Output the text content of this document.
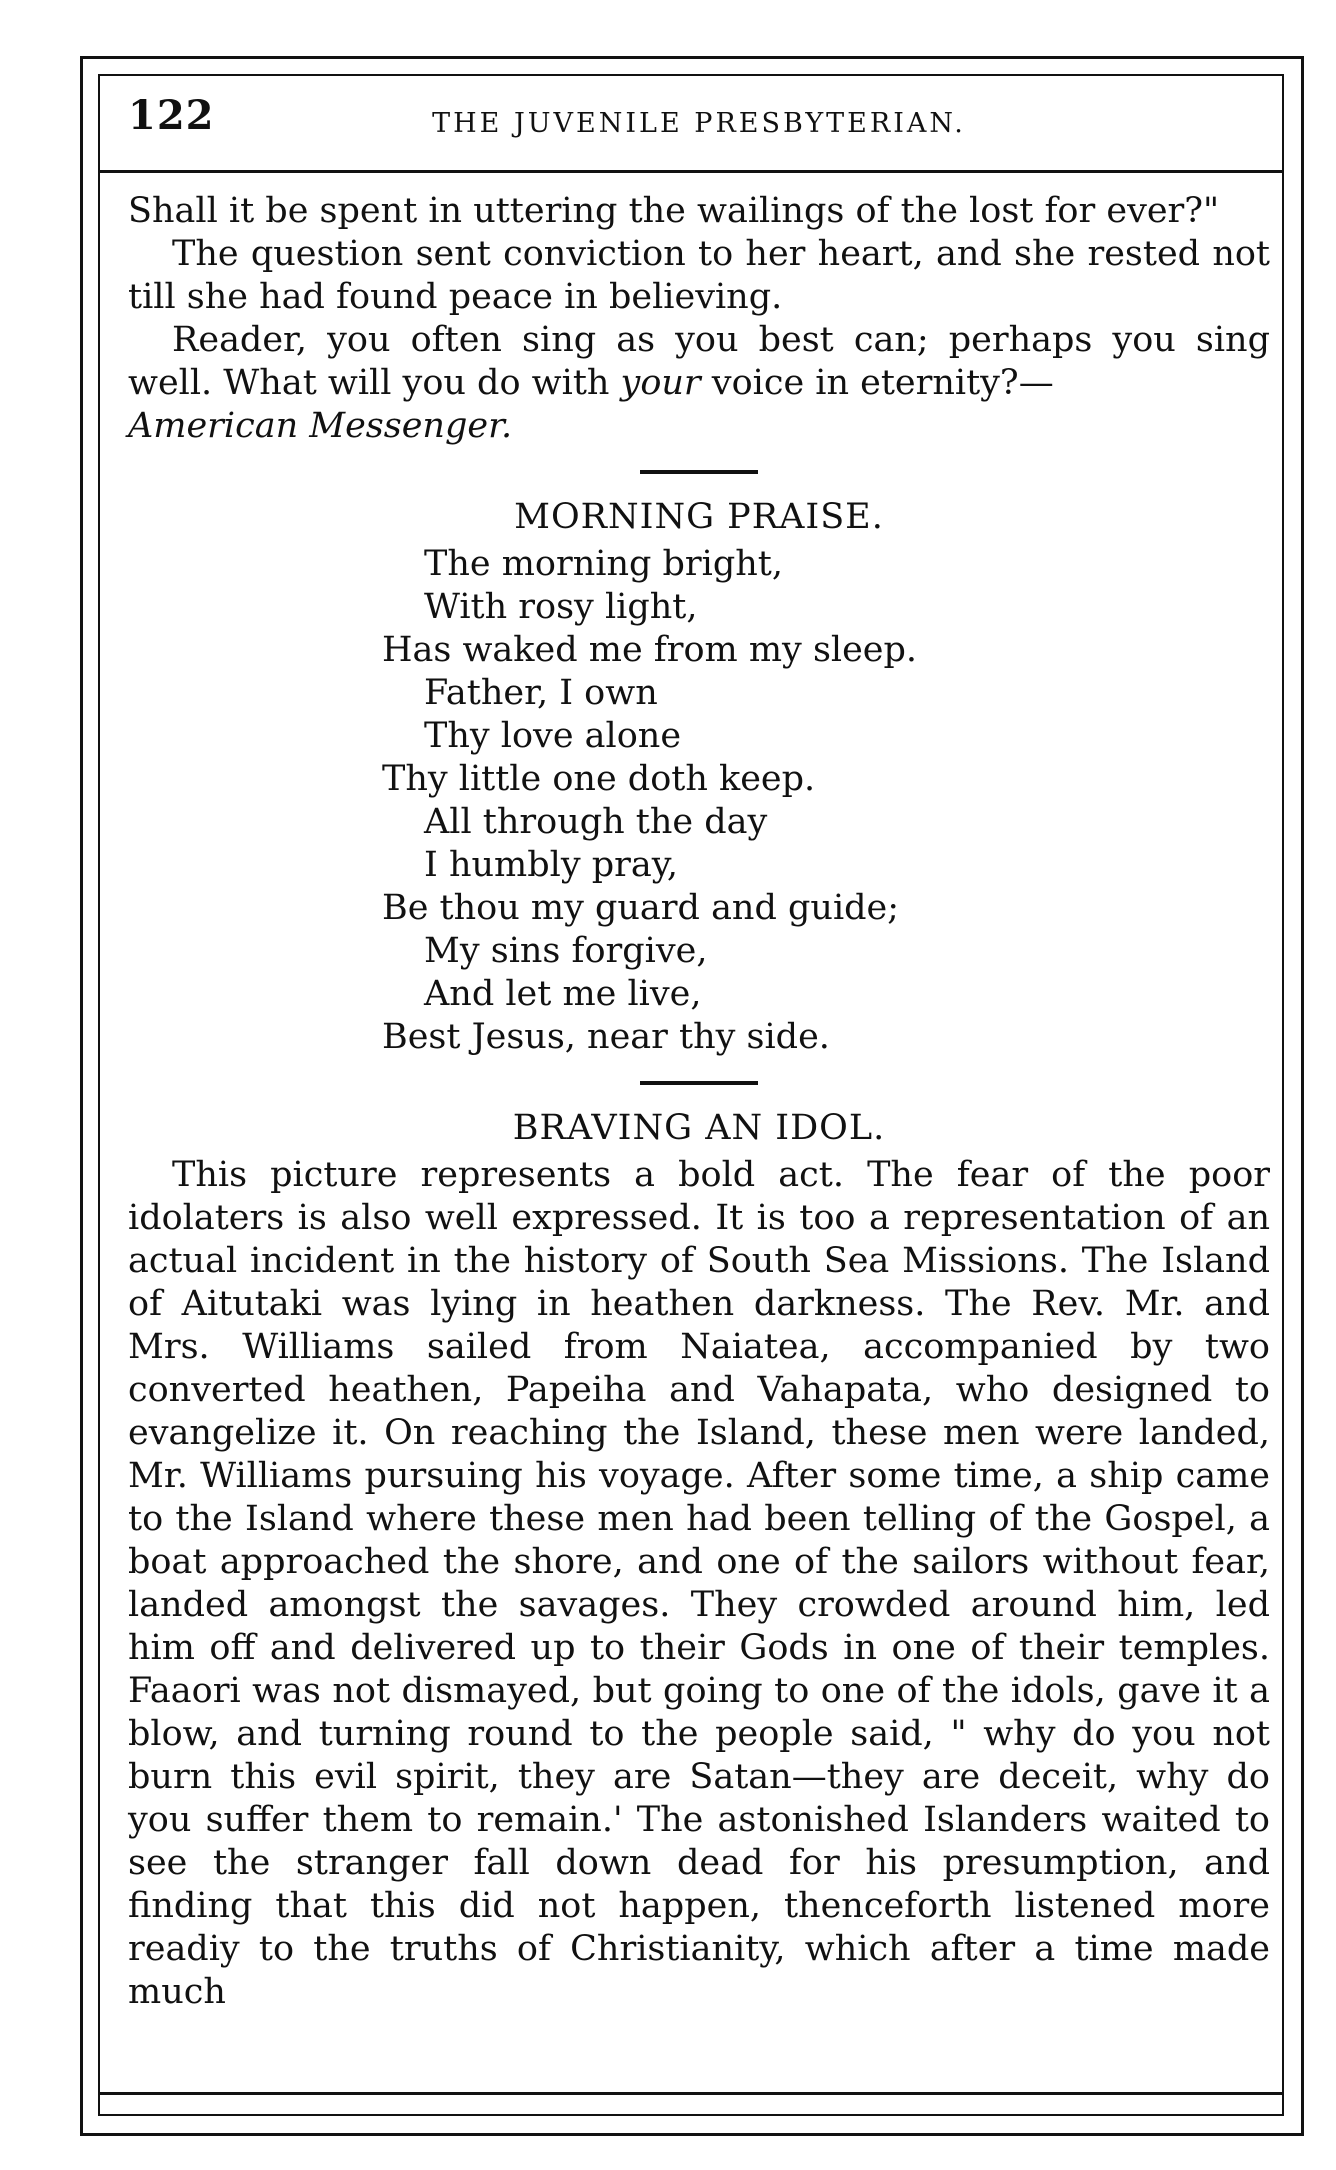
122	THE JUVENILE PRESBYTERIAN.

Shall it be spent in uttering the wailings of the lost for ever?"

The question sent conviction to her heart, and she rested not till she had found peace in believing.

Reader, you often sing as you best can; perhaps you sing well. What will you do with your voice in eternity?—

American Messenger.

MORNING PRAISE.
The morning bright,
With rosy light,
Has waked me from my sleep.
Father, I own
Thy love alone
Thy little one doth keep.
All through the day
I humbly pray,
Be thou my guard and guide;
My sins forgive,
And let me live,
Best Jesus, near thy side.
BRAVING AN IDOL.

This picture represents a bold act. The fear of the poor idolaters is also well expressed. It is too a representation of an actual incident in the history of South Sea Missions. The Island of Aitutaki was lying in heathen darkness. The Rev. Mr. and Mrs. Williams sailed from Naiatea, accompanied by two converted heathen, Papeiha and Vahapata, who designed to evangelize it. On reaching the Island, these men were landed, Mr. Williams pursuing his voyage. After some time, a ship came to the Island where these men had been telling of the Gospel, a boat approached the shore, and one of the sailors without fear, landed amongst the savages. They crowded around him, led him off and delivered up to their Gods in one of their temples. Faaori was not dismayed, but going to one of the idols, gave it a blow, and turning round to the people said, " why do you not burn this evil spirit, they are Satan—they are deceit, why do you suffer them to remain.' The astonished Islanders waited to see the stranger fall down dead for his presumption, and finding that this did not happen, thenceforth listened more readiy to the truths of Christianity, which after a time made much
